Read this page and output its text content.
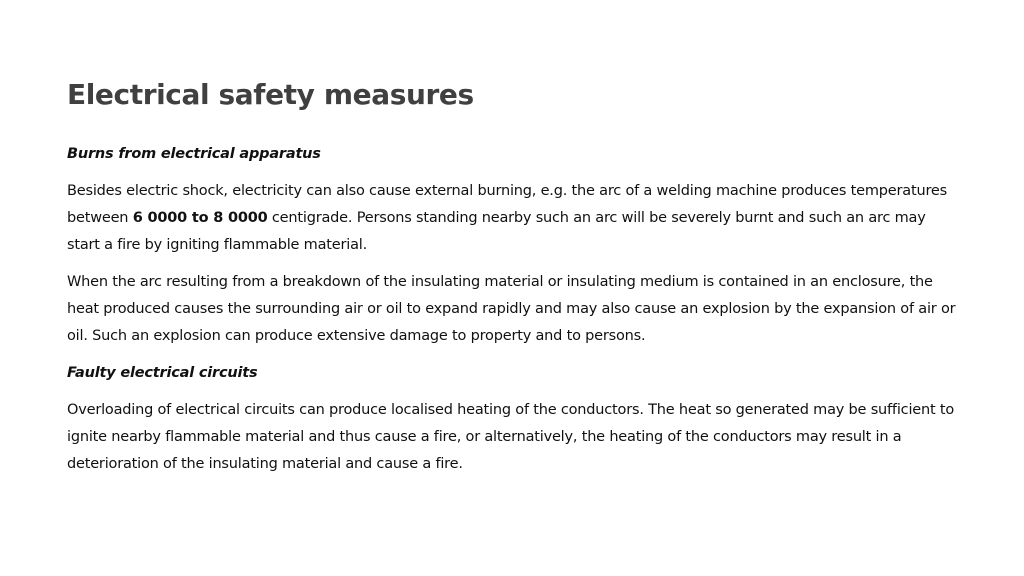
Electrical safety measures

Burns from electrical apparatus

Besides electric shock, electricity can also cause external burning, e.g. the arc of a welding machine produces temperatures between 6 0000 to 8 0000 centigrade. Persons standing nearby such an arc will be severely burnt and such an arc may start a fire by igniting flammable material.

When the arc resulting from a breakdown of the insulating material or insulating medium is contained in an enclosure, the heat produced causes the surrounding air or oil to expand rapidly and may also cause an explosion by the expansion of air or oil. Such an explosion can produce extensive damage to property and to persons.

Faulty electrical circuits

Overloading of electrical circuits can produce localised heating of the conductors. The heat so generated may be sufficient to ignite nearby flammable material and thus cause a fire, or alternatively, the heating of the conductors may result in a deterioration of the insulating material and cause a fire.
